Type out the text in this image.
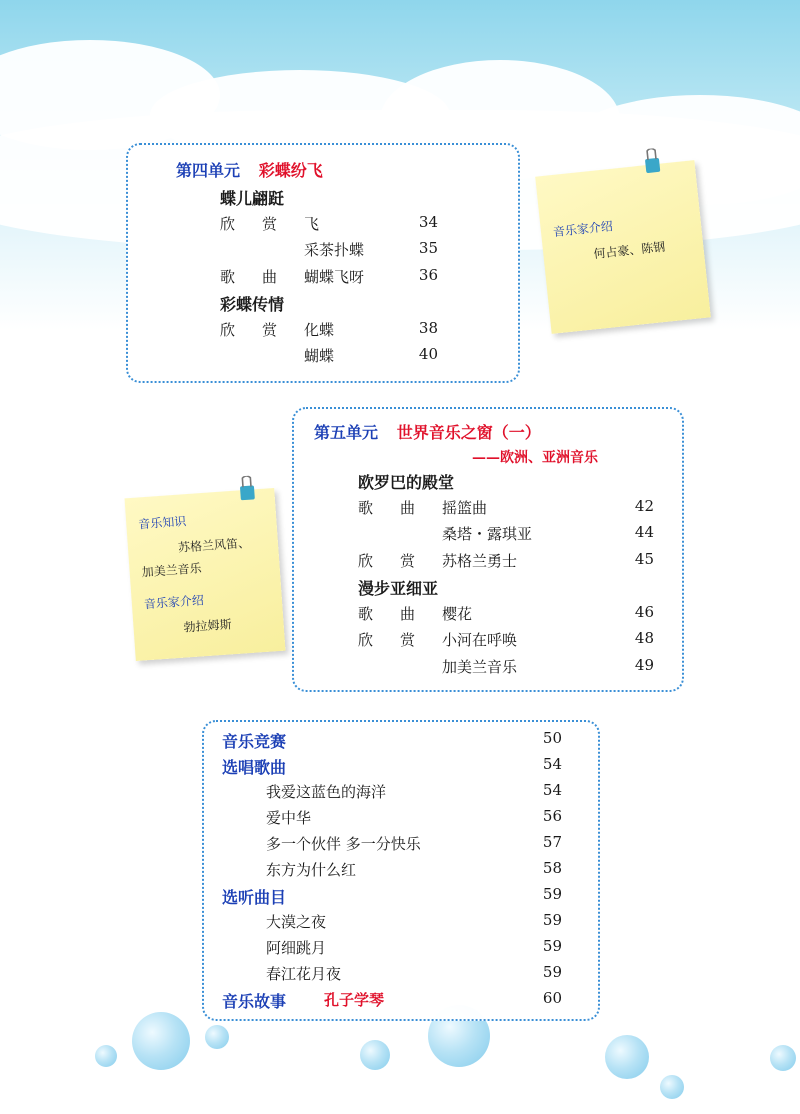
第四单元 彩蝶纷飞
蝶儿翩跹
欣　赏 飞	34
采茶扑蝶	35
歌　曲 蝴蝶飞呀	36
彩蝶传情
欣　赏 化蝶	38
蝴蝶	40
音乐家介绍
何占豪、陈钢
第五单元 世界音乐之窗（一）
——欧洲、亚洲音乐
欧罗巴的殿堂
歌　曲 摇篮曲	42
桑塔・露琪亚	44
欣　赏 苏格兰勇士	45
漫步亚细亚
歌　曲 樱花	46
欣　赏 小河在呼唤	48
加美兰音乐	49
音乐知识
苏格兰风笛、
加美兰音乐
音乐家介绍
勃拉姆斯
音乐竞赛	50
选唱歌曲	54
我爱这蓝色的海洋	54
爱中华	56
多一个伙伴 多一分快乐	57
东方为什么红	58
选听曲目	59
大漠之夜	59
阿细跳月	59
春江花月夜	59
音乐故事	孔子学琴	60
